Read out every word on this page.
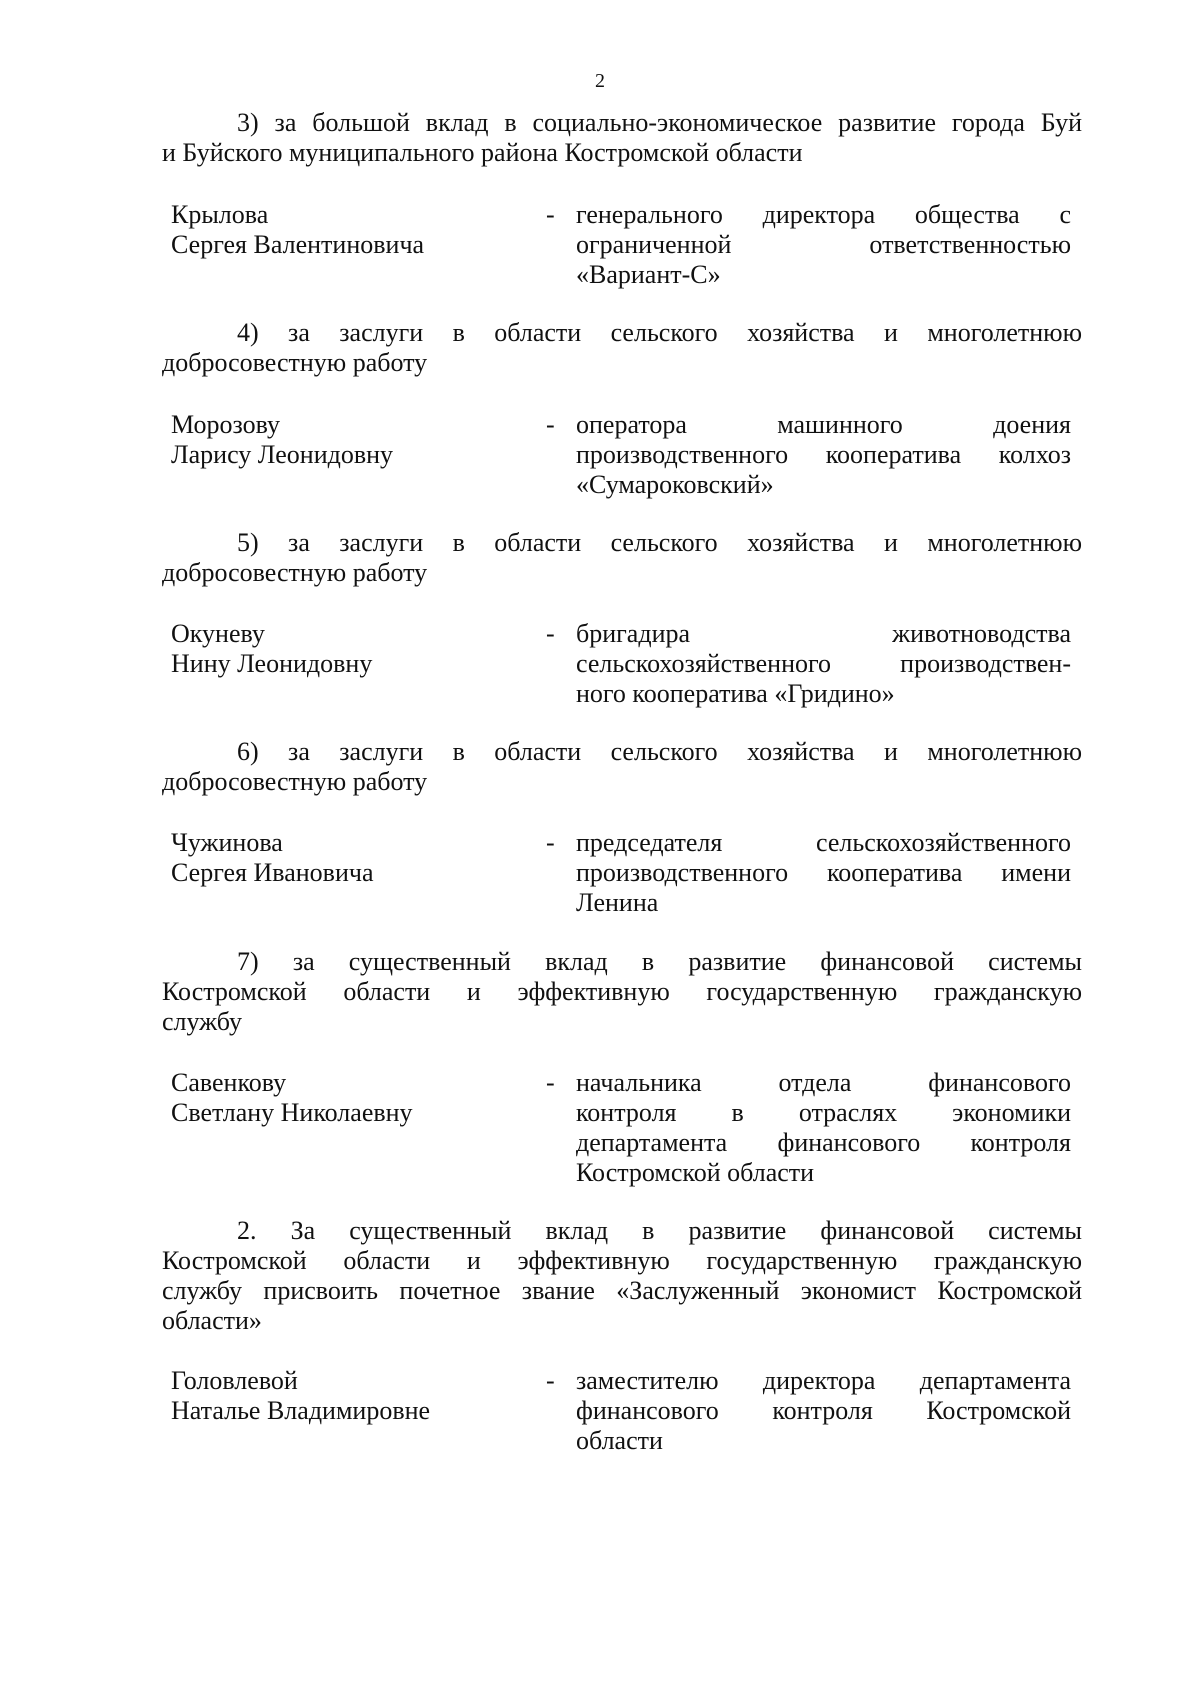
2
3) за большой вклад в социально-экономическое развитие города Буй
и Буйского муниципального района Костромской области
Крылова
Сергея Валентиновича
- генерального директора общества с
ограниченной ответственностью
«Вариант-С»
4) за заслуги в области сельского хозяйства и многолетнюю
добросовестную работу
Морозову
Ларису Леонидовну
- оператора машинного доения
производственного кооператива колхоз
«Сумароковский»
5) за заслуги в области сельского хозяйства и многолетнюю
добросовестную работу
Окуневу
Нину Леонидовну
- бригадира животноводства
сельскохозяйственного производствен-
ного кооператива «Гридино»
6) за заслуги в области сельского хозяйства и многолетнюю
добросовестную работу
Чужинова
Сергея Ивановича
- председателя сельскохозяйственного
производственного кооператива имени
Ленина
7) за существенный вклад в развитие финансовой системы
Костромской области и эффективную государственную гражданскую
службу
Савенкову
Светлану Николаевну
- начальника отдела финансового
контроля в отраслях экономики
департамента финансового контроля
Костромской области
2. За существенный вклад в развитие финансовой системы
Костромской области и эффективную государственную гражданскую
службу присвоить почетное звание «Заслуженный экономист Костромской
области»
Головлевой
Наталье Владимировне
- заместителю директора департамента
финансового контроля Костромской
области
